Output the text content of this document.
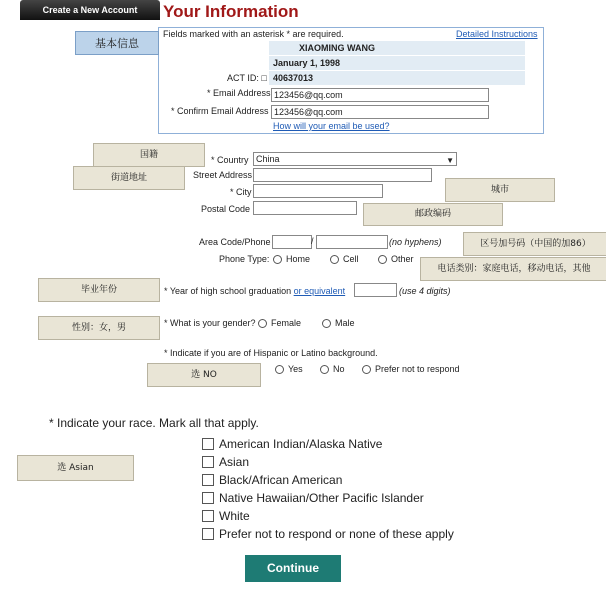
Create a New Account	Your Information
Fields marked with an asterisk * are required.	Detailed Instructions
XIAOMING WANG
January 1, 1998
ACT ID: □ 40637013
* Email Address 123456@qq.com
* Confirm Email Address 123456@qq.com
How will your email be used?
基本信息
国籍
街道地址
城市
邮政编码
区号加号码（中国的加86）
电话类别：家庭电话，移动电话，其他
毕业年份
性别：女，男
选 NO
选 Asian
* Country China	▼
Street Address
* City
Postal Code
Area Code/Phone	/	(no hyphens)
Phone Type:	Home	Cell	Other
* Year of high school graduation or equivalent	(use 4 digits)
* What is your gender?	Female	Male
* Indicate if you are of Hispanic or Latino background.
Yes	No	Prefer not to respond
* Indicate your race. Mark all that apply.
American Indian/Alaska Native
Asian
Black/African American
Native Hawaiian/Other Pacific Islander
White
Prefer not to respond or none of these apply
Continue
